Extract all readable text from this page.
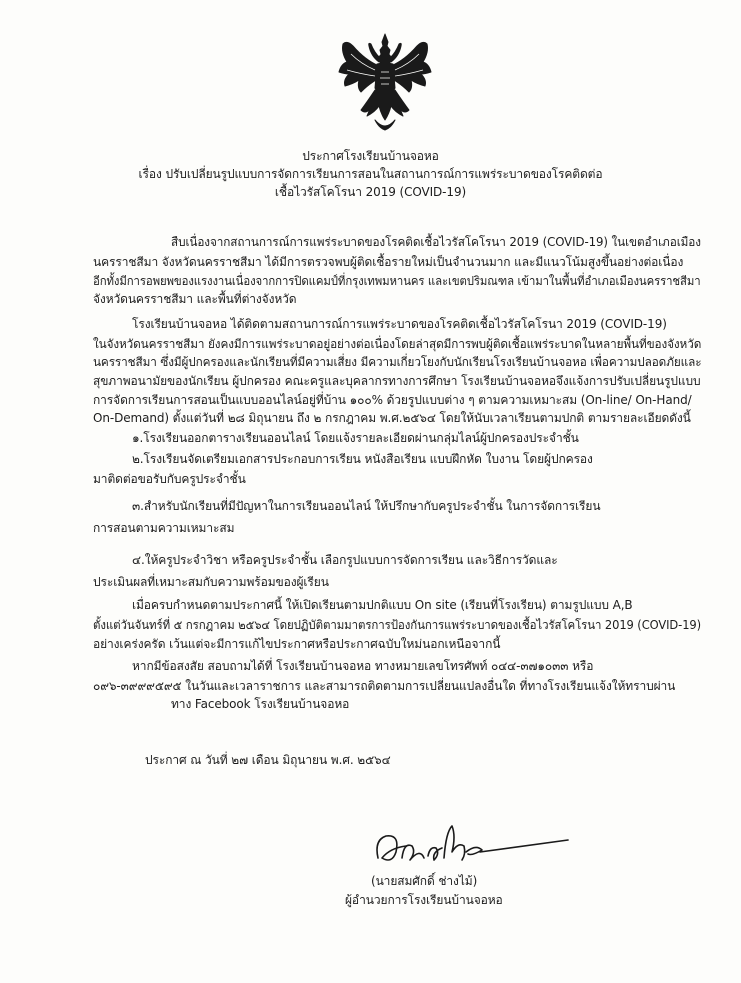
ประกาศโรงเรียนบ้านจอหอ
เรื่อง ปรับเปลี่ยนรูปแบบการจัดการเรียนการสอนในสถานการณ์การแพร่ระบาดของโรคติดต่อ
เชื้อไวรัสโคโรนา 2019 (COVID-19)
สืบเนื่องจากสถานการณ์การแพร่ระบาดของโรคติดเชื้อไวรัสโคโรนา 2019 (COVID-19) ในเขตอำเภอเมือง
นครราชสีมา จังหวัดนครราชสีมา ได้มีการตรวจพบผู้ติดเชื้อรายใหม่เป็นจำนวนมาก และมีแนวโน้มสูงขึ้นอย่างต่อเนื่อง
อีกทั้งมีการอพยพของแรงงานเนื่องจากการปิดแคมป์ที่กรุงเทพมหานคร และเขตปริมณฑล เข้ามาในพื้นที่อำเภอเมืองนครราชสีมา
จังหวัดนครราชสีมา และพื้นที่ต่างจังหวัด
โรงเรียนบ้านจอหอ ได้ติดตามสถานการณ์การแพร่ระบาดของโรคติดเชื้อไวรัสโคโรนา 2019 (COVID-19)
ในจังหวัดนครราชสีมา ยังคงมีการแพร่ระบาดอยู่อย่างต่อเนื่องโดยล่าสุดมีการพบผู้ติดเชื้อแพร่ระบาดในหลายพื้นที่ของจังหวัด
นครราชสีมา ซึ่งมีผู้ปกครองและนักเรียนที่มีความเสี่ยง มีความเกี่ยวโยงกับนักเรียนโรงเรียนบ้านจอหอ เพื่อความปลอดภัยและ
สุขภาพอนามัยของนักเรียน ผู้ปกครอง คณะครูและบุคลากรทางการศึกษา โรงเรียนบ้านจอหอจึงแจ้งการปรับเปลี่ยนรูปแบบ
การจัดการเรียนการสอนเป็นแบบออนไลน์อยู่ที่บ้าน ๑๐๐% ด้วยรูปแบบต่าง ๆ ตามความเหมาะสม (On-line/ On-Hand/
On-Demand) ตั้งแต่วันที่ ๒๘ มิถุนายน ถึง ๒ กรกฎาคม พ.ศ.๒๕๖๔ โดยให้นับเวลาเรียนตามปกติ ตามรายละเอียดดังนี้
๑.โรงเรียนออกตารางเรียนออนไลน์ โดยแจ้งรายละเอียดผ่านกลุ่มไลน์ผู้ปกครองประจำชั้น
๒.โรงเรียนจัดเตรียมเอกสารประกอบการเรียน หนังสือเรียน แบบฝึกหัด ใบงาน โดยผู้ปกครอง
มาติดต่อขอรับกับครูประจำชั้น
๓.สำหรับนักเรียนที่มีปัญหาในการเรียนออนไลน์ ให้ปรึกษากับครูประจำชั้น ในการจัดการเรียน
การสอนตามความเหมาะสม
๔.ให้ครูประจำวิชา หรือครูประจำชั้น เลือกรูปแบบการจัดการเรียน และวิธีการวัดและ
ประเมินผลที่เหมาะสมกับความพร้อมของผู้เรียน
เมื่อครบกำหนดตามประกาศนี้ ให้เปิดเรียนตามปกติแบบ On site (เรียนที่โรงเรียน) ตามรูปแบบ A,B
ตั้งแต่วันจันทร์ที่ ๕ กรกฎาคม ๒๕๖๔ โดยปฏิบัติตามมาตรการป้องกันการแพร่ระบาดของเชื้อไวรัสโคโรนา 2019 (COVID-19)
อย่างเคร่งครัด เว้นแต่จะมีการแก้ไขประกาศหรือประกาศฉบับใหม่นอกเหนือจากนี้
หากมีข้อสงสัย สอบถามได้ที่ โรงเรียนบ้านจอหอ ทางหมายเลขโทรศัพท์ ๐๔๔-๓๗๑๐๓๓ หรือ
๐๙๖-๓๙๙๙๕๙๕ ในวันและเวลาราชการ และสามารถติดตามการเปลี่ยนแปลงอื่นใด ที่ทางโรงเรียนแจ้งให้ทราบผ่าน
ทาง Facebook โรงเรียนบ้านจอหอ
ประกาศ ณ วันที่ ๒๗ เดือน มิถุนายน พ.ศ. ๒๕๖๔
(นายสมศักดิ์ ช่างไม้)
ผู้อำนวยการโรงเรียนบ้านจอหอ
